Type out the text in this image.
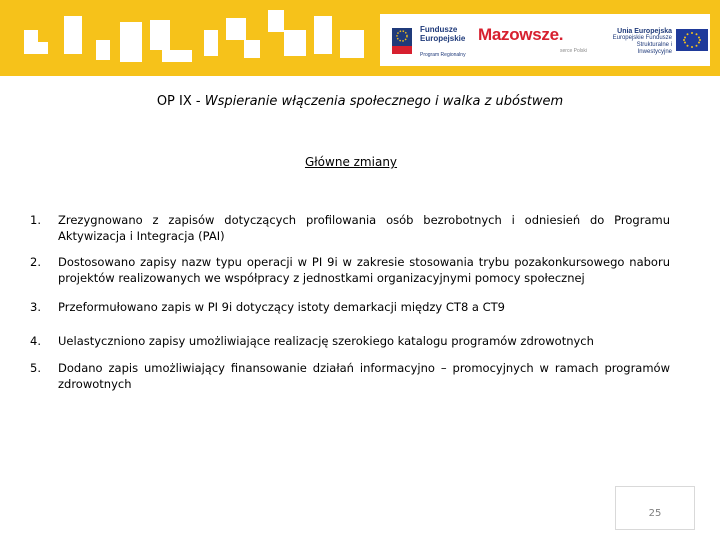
Fundusze
Europejskie
Program Regionalny
Mazowsze.
serce Polski
Unia Europejska
Europejskie Fundusze
Strukturalne i Inwestycyjne
OP IX - Wspieranie włączenia społecznego i walka z ubóstwem
Główne zmiany
1.	Zrezygnowano z zapisów dotyczących profilowania osób bezrobotnych i odniesień do Programu Aktywizacja i Integracja (PAI)
2.	Dostosowano zapisy nazw typu operacji w PI 9i w zakresie stosowania trybu pozakonkursowego naboru projektów realizowanych we współpracy z jednostkami organizacyjnymi pomocy społecznej
3.	Przeformułowano zapis w PI 9i dotyczący istoty demarkacji między CT8 a CT9
4.	Uelastyczniono zapisy umożliwiające realizację szerokiego katalogu programów zdrowotnych
5.	Dodano zapis umożliwiający finansowanie działań informacyjno – promocyjnych w ramach programów zdrowotnych
25
